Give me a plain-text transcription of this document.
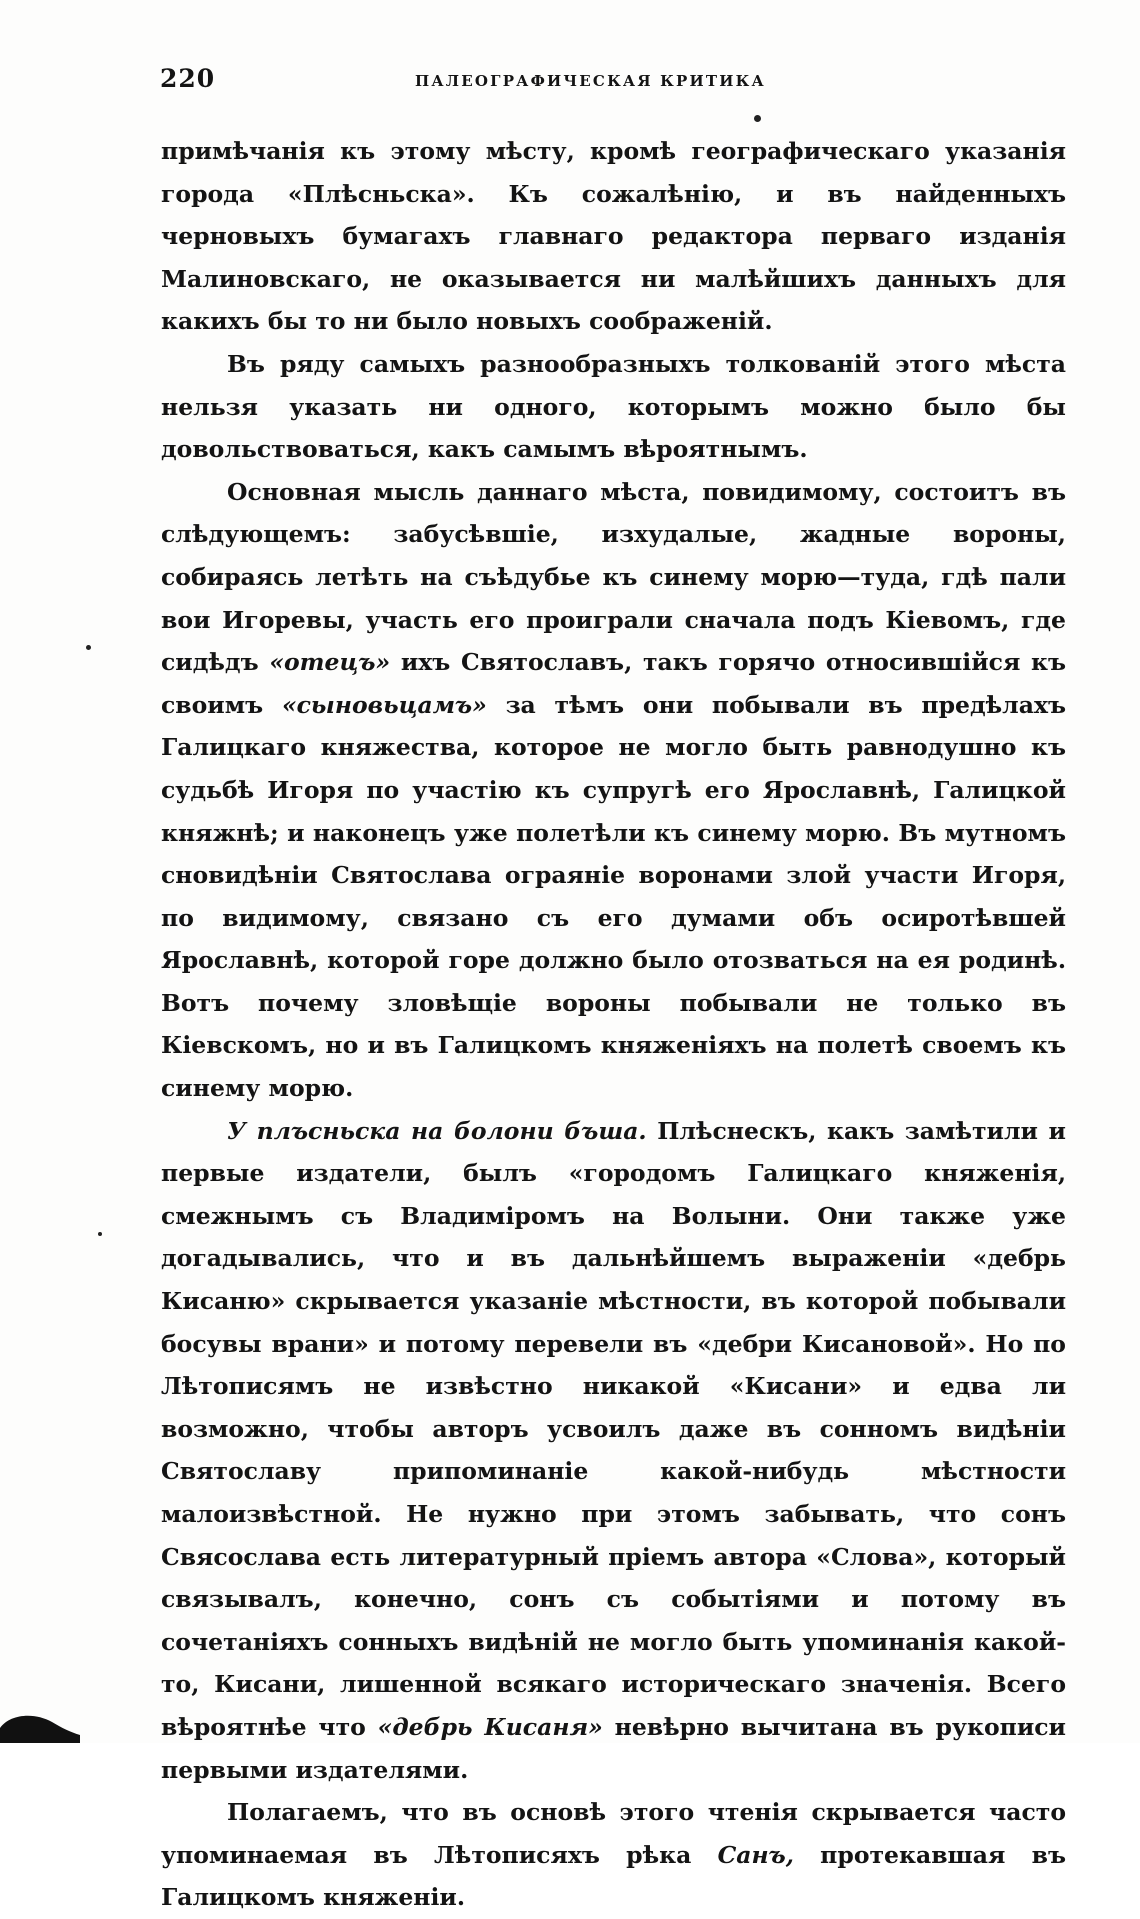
220	ПАЛЕОГРАФИЧЕСКАЯ КРИТИКА

примѣчанія къ этому мѣсту, кромѣ географическаго указанія города «Плѣсньска». Къ сожалѣнію, и въ найденныхъ черновыхъ бумагахъ главнаго редактора перваго изданія Малиновскаго, не оказывается ни малѣйшихъ данныхъ для какихъ бы то ни было новыхъ соображеній.

Въ ряду самыхъ разнообразныхъ толкованій этого мѣста нельзя указать ни одного, которымъ можно было бы довольствоваться, какъ самымъ вѣроятнымъ.

Основная мысль даннаго мѣста, повидимому, состоитъ въ слѣдующемъ: забусѣвшіе, изхудалые, жадные вороны, собираясь летѣть на съѣдубье къ синему морю—туда, гдѣ пали вои Игоревы, участь его проиграли сначала подъ Кіевомъ, где сидѣдъ «отецъ» ихъ Святославъ, такъ горячо относившійся къ своимъ «сыновьцамъ» за тѣмъ они побывали въ предѣлахъ Галицкаго княжества, которое не могло быть равнодушно къ судьбѣ Игоря по участію къ супругѣ его Ярославнѣ, Галицкой княжнѣ; и наконецъ уже полетѣли къ синему морю. Въ мутномъ сновидѣніи Святослава ограяніе воронами злой участи Игоря, по видимому, связано съ его думами объ осиротѣвшей Ярославнѣ, которой горе должно было отозваться на ея родинѣ. Вотъ почему зловѣщіе вороны побывали не только въ Кіевскомъ, но и въ Галицкомъ княженіяхъ на полетѣ своемъ къ синему морю.

У плъсньска на болони бъша. Плѣснескъ, какъ замѣтили и первые издатели, былъ «городомъ Галицкаго княженія, смежнымъ съ Владиміромъ на Волыни. Они также уже догадывались, что и въ дальнѣйшемъ выраженіи «дебрь Кисаню» скрывается указаніе мѣстности, въ которой побывали босувы врани» и потому перевели въ «дебри Кисановой». Но по Лѣтописямъ не извѣстно никакой «Кисани» и едва ли возможно, чтобы авторъ усвоилъ даже въ сонномъ видѣніи Святославу припоминаніе какой-нибудь мѣстности малоизвѣстной. Не нужно при этомъ забывать, что сонъ Свясослава есть литературный пріемъ автора «Слова», который связывалъ, конечно, сонъ съ событіями и потому въ сочетаніяхъ сонныхъ видѣній не могло быть упоминанія какой-то, Кисани, лишенной всякаго историческаго значенія. Всего вѣроятнѣе что «дебрь Кисаня» невѣрно вычитана въ рукописи первыми издателями.

Полагаемъ, что въ основѣ этого чтенія скрывается часто упоминаемая въ Лѣтописяхъ рѣка Санъ, протекавшая въ Галицкомъ княженіи.
